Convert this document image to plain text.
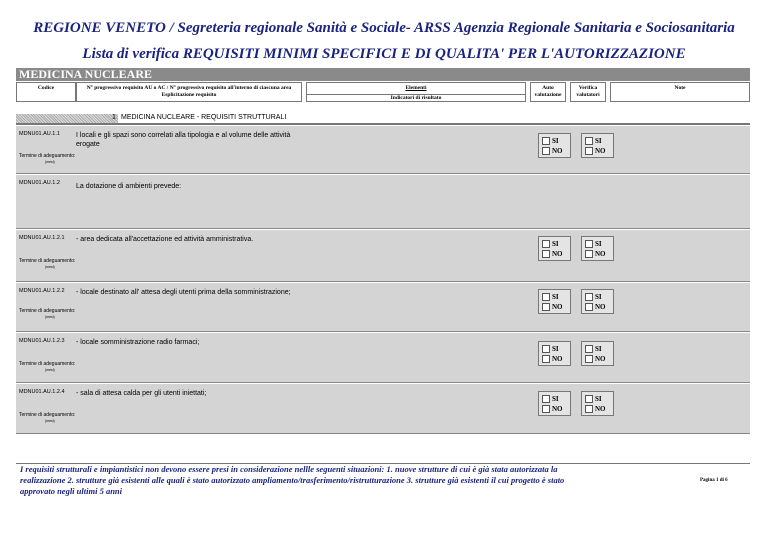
REGIONE VENETO / Segreteria regionale Sanità e Sociale- ARSS Agenzia Regionale Sanitaria e Sociosanitaria
Lista di verifica REQUISITI MINIMI SPECIFICI E DI QUALITA' PER L'AUTORIZZAZIONE
MEDICINA NUCLEARE
Codice	N° progressivo requisito AU o AC / N° progressivo requisito all'interno di ciascuna area
Esplicitazione requisito
Elementi
Indicatori di risultato
Auto valutazione
Verifica valutatori
Note
1 MEDICINA NUCLEARE - REQUISITI STRUTTURALI
MDNU01.AU.1.1 I locali e gli spazi sono correlati alla tipologia e al volume delle attività erogate
Termine di adeguamento:
(mesi)
SI
NO
SI
NO
MDNU01.AU.1.2 La dotazione di ambienti prevede:
MDNU01.AU.1.2.1 - area dedicata all'accettazione ed attività amministrativa.
Termine di adeguamento:
(mesi)
SI
NO
SI
NO
MDNU01.AU.1.2.2 - locale destinato all' attesa degli utenti prima della somministrazione;
Termine di adeguamento:
(mesi)
SI
NO
SI
NO
MDNU01.AU.1.2.3 - locale somministrazione radio farmaci;
Termine di adeguamento:
(mesi)
SI
NO
SI
NO
MDNU01.AU.1.2.4 - sala di attesa calda per gli utenti iniettati;
Termine di adeguamento:
(mesi)
SI
NO
SI
NO
I requisiti strutturali e impiantistici non devono essere presi in considerazione nellle seguenti situazioni: 1. nuove strutture di cui è già stata autorizzata la realizzazione 2. strutture già esistenti alle quali è stato autorizzato ampliamento/trasferimento/ristrutturazione 3. strutture già esistenti il cui progetto è stato approvato negli ultimi 5 anni
Pagina 1 di 6
